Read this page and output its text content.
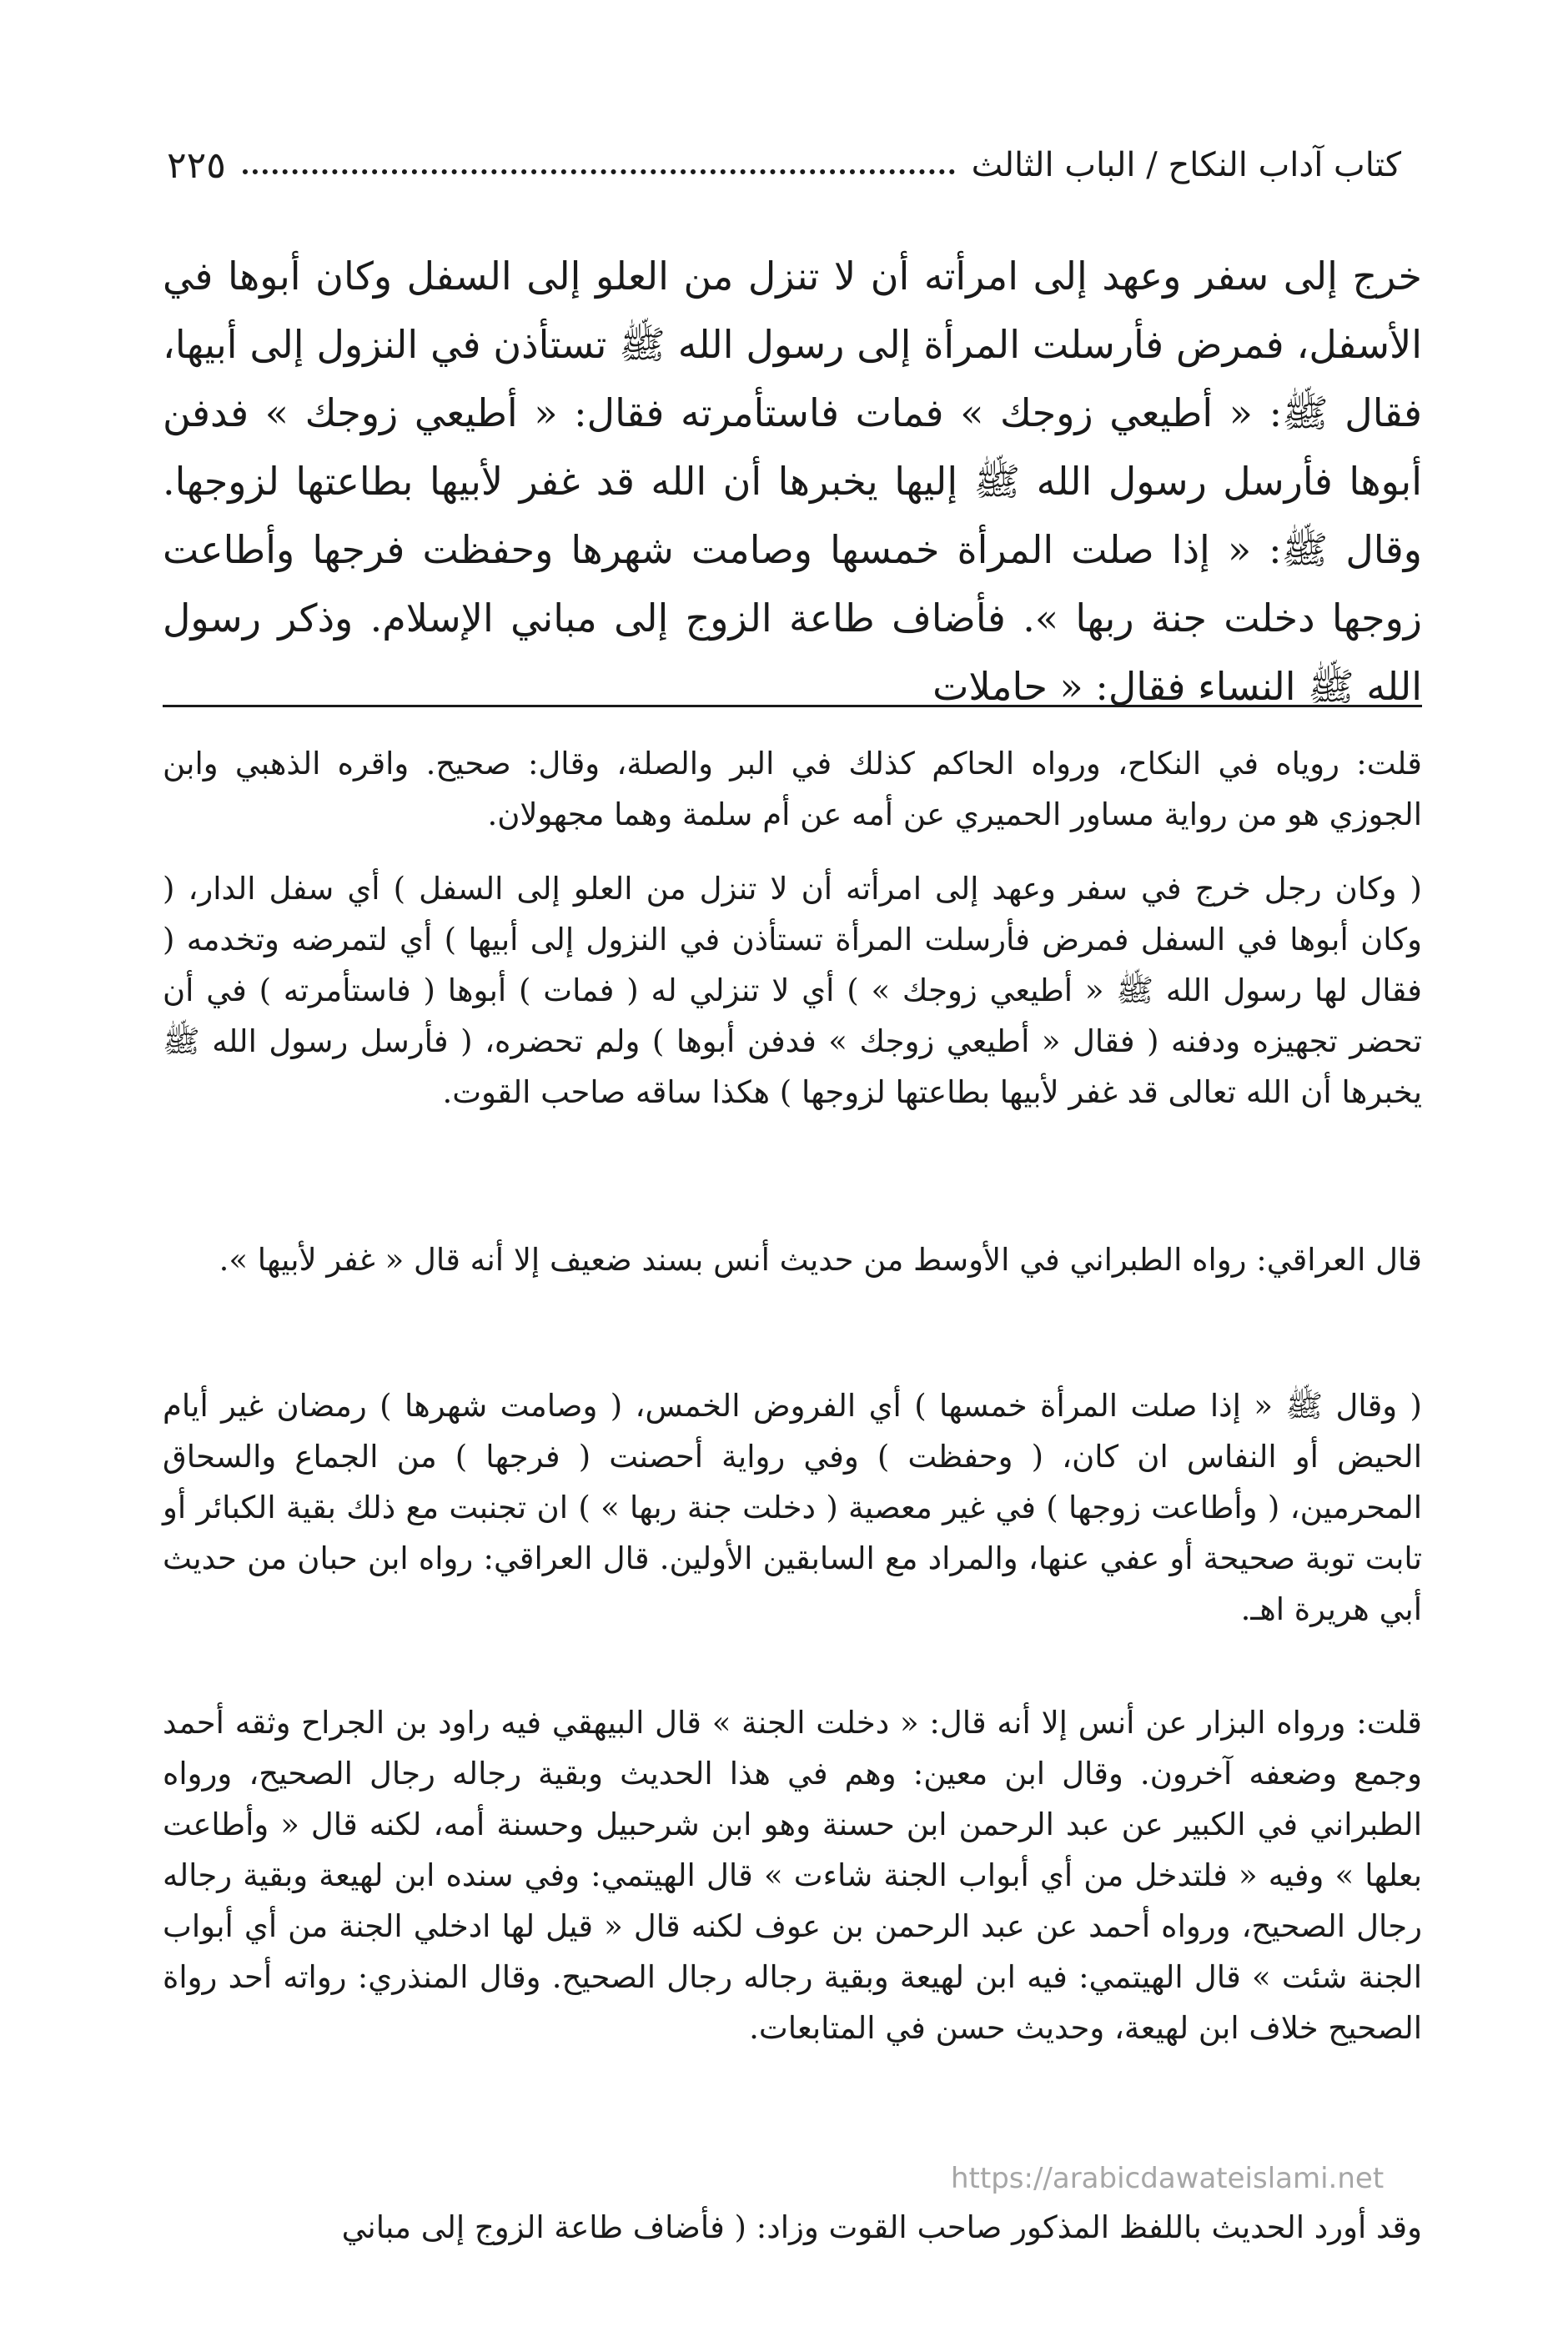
كتاب آداب النكاح / الباب الثالث
٢٢٥
خرج إلى سفر وعهد إلى امرأته أن لا تنزل من العلو إلى السفل وكان أبوها في الأسفل، فمرض فأرسلت المرأة إلى رسول الله ﷺ تستأذن في النزول إلى أبيها، فقال ﷺ: « أطيعي زوجك » فمات فاستأمرته فقال: « أطيعي زوجك » فدفن أبوها فأرسل رسول الله ﷺ إليها يخبرها أن الله قد غفر لأبيها بطاعتها لزوجها. وقال ﷺ: « إذا صلت المرأة خمسها وصامت شهرها وحفظت فرجها وأطاعت زوجها دخلت جنة ربها ». فأضاف طاعة الزوج إلى مباني الإسلام. وذكر رسول الله ﷺ النساء فقال: « حاملات

قلت: روياه في النكاح، ورواه الحاكم كذلك في البر والصلة، وقال: صحيح. واقره الذهبي وابن الجوزي هو من رواية مساور الحميري عن أمه عن أم سلمة وهما مجهولان.

( وكان رجل خرج في سفر وعهد إلى امرأته أن لا تنزل من العلو إلى السفل ) أي سفل الدار، ( وكان أبوها في السفل فمرض فأرسلت المرأة تستأذن في النزول إلى أبيها ) أي لتمرضه وتخدمه ( فقال لها رسول الله ﷺ « أطيعي زوجك » ) أي لا تنزلي له ( فمات ) أبوها ( فاستأمرته ) في أن تحضر تجهيزه ودفنه ( فقال « أطيعي زوجك » فدفن أبوها ) ولم تحضره، ( فأرسل رسول الله ﷺ يخبرها أن الله تعالى قد غفر لأبيها بطاعتها لزوجها ) هكذا ساقه صاحب القوت.

قال العراقي: رواه الطبراني في الأوسط من حديث أنس بسند ضعيف إلا أنه قال « غفر لأبيها ».

( وقال ﷺ « إذا صلت المرأة خمسها ) أي الفروض الخمس، ( وصامت شهرها ) رمضان غير أيام الحيض أو النفاس ان كان، ( وحفظت ) وفي رواية أحصنت ( فرجها ) من الجماع والسحاق المحرمين، ( وأطاعت زوجها ) في غير معصية ( دخلت جنة ربها » ) ان تجنبت مع ذلك بقية الكبائر أو تابت توبة صحيحة أو عفي عنها، والمراد مع السابقين الأولين. قال العراقي: رواه ابن حبان من حديث أبي هريرة اهـ.

قلت: ورواه البزار عن أنس إلا أنه قال: « دخلت الجنة » قال البيهقي فيه راود بن الجراح وثقه أحمد وجمع وضعفه آخرون. وقال ابن معين: وهم في هذا الحديث وبقية رجاله رجال الصحيح، ورواه الطبراني في الكبير عن عبد الرحمن ابن حسنة وهو ابن شرحبيل وحسنة أمه، لكنه قال « وأطاعت بعلها » وفيه « فلتدخل من أي أبواب الجنة شاءت » قال الهيتمي: وفي سنده ابن لهيعة وبقية رجاله رجال الصحيح، ورواه أحمد عن عبد الرحمن بن عوف لكنه قال « قيل لها ادخلي الجنة من أي أبواب الجنة شئت » قال الهيتمي: فيه ابن لهيعة وبقية رجاله رجال الصحيح. وقال المنذري: رواته أحد رواة الصحيح خلاف ابن لهيعة، وحديث حسن في المتابعات.

وقد أورد الحديث باللفظ المذكور صاحب القوت وزاد: ( فأضاف طاعة الزوج إلى مباني

https://arabicdawateislami.net
